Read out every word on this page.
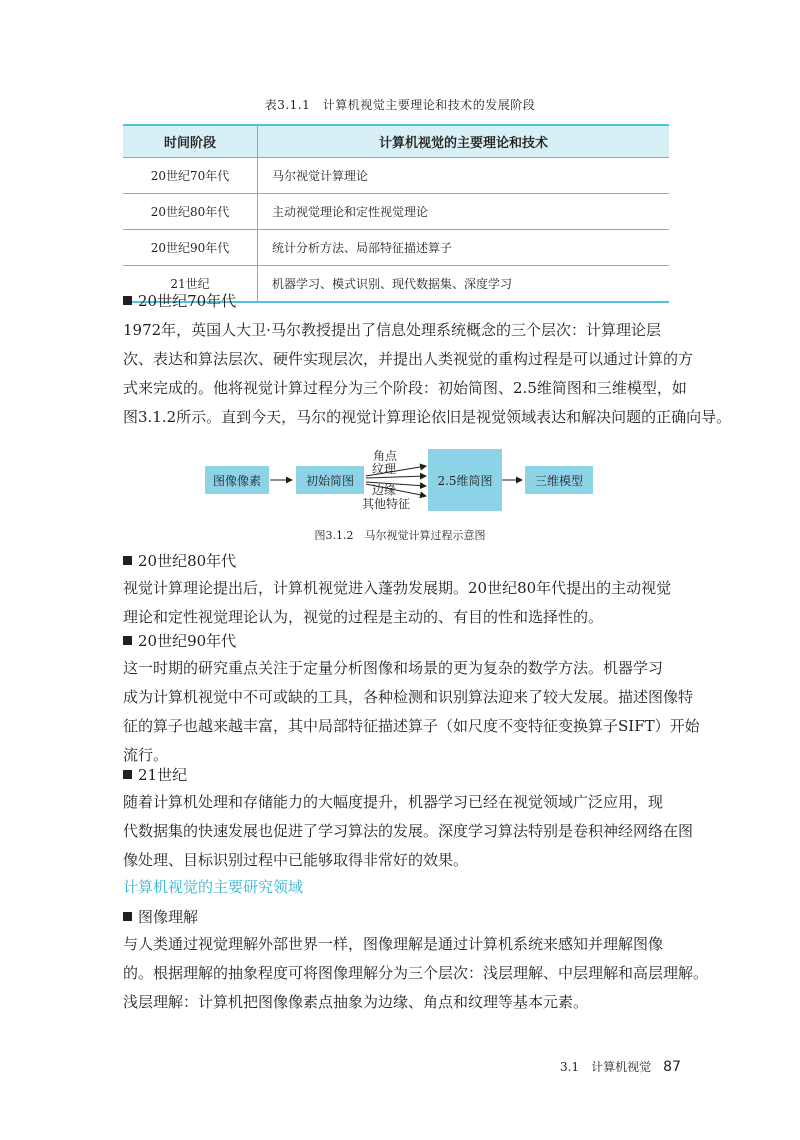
表3.1.1　计算机视觉主要理论和技术的发展阶段
时间阶段	计算机视觉的主要理论和技术
20世纪70年代	马尔视觉计算理论
20世纪80年代	主动视觉理论和定性视觉理论
20世纪90年代	统计分析方法、局部特征描述算子
21世纪	机器学习、模式识别、现代数据集、深度学习
20世纪70年代
1972年，英国人大卫·马尔教授提出了信息处理系统概念的三个层次：计算理论层
次、表达和算法层次、硬件实现层次，并提出人类视觉的重构过程是可以通过计算的方
式来完成的。他将视觉计算过程分为三个阶段：初始简图、2.5维简图和三维模型，如
图3.1.2所示。直到今天，马尔的视觉计算理论依旧是视觉领域表达和解决问题的正确向导。
图像像素	初始简图	2.5维简图	三维模型
角点
纹理
边缘
其他特征
图3.1.2　马尔视觉计算过程示意图
20世纪80年代
视觉计算理论提出后，计算机视觉进入蓬勃发展期。20世纪80年代提出的主动视觉
理论和定性视觉理论认为，视觉的过程是主动的、有目的性和选择性的。
20世纪90年代
这一时期的研究重点关注于定量分析图像和场景的更为复杂的数学方法。机器学习
成为计算机视觉中不可或缺的工具，各种检测和识别算法迎来了较大发展。描述图像特
征的算子也越来越丰富，其中局部特征描述算子（如尺度不变特征变换算子SIFT）开始
流行。
21世纪
随着计算机处理和存储能力的大幅度提升，机器学习已经在视觉领域广泛应用，现
代数据集的快速发展也促进了学习算法的发展。深度学习算法特别是卷积神经网络在图
像处理、目标识别过程中已能够取得非常好的效果。
计算机视觉的主要研究领域
图像理解
与人类通过视觉理解外部世界一样，图像理解是通过计算机系统来感知并理解图像
的。根据理解的抽象程度可将图像理解分为三个层次：浅层理解、中层理解和高层理解。
浅层理解：计算机把图像像素点抽象为边缘、角点和纹理等基本元素。
3.1　计算机视觉 87
